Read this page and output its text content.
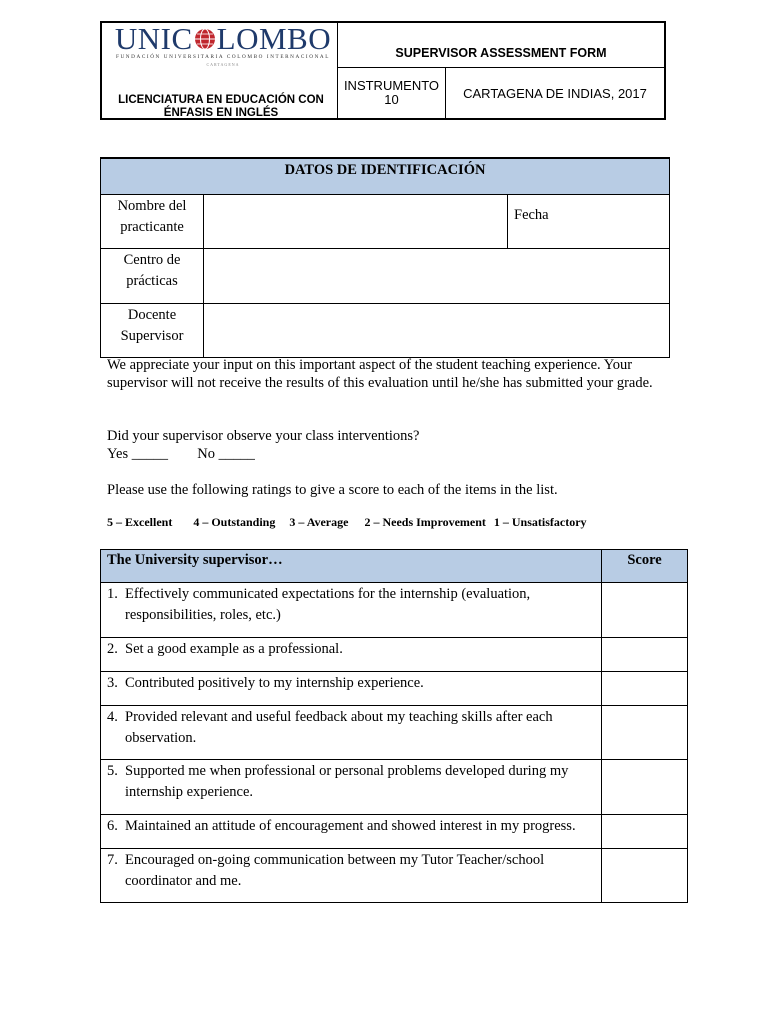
UNIC LOMBO
FUNDACIÓN UNIVERSITARIA COLOMBO INTERNACIONAL
CARTAGENA
LICENCIATURA EN EDUCACIÓN CON ÉNFASIS EN INGLÉS
SUPERVISOR ASSESSMENT FORM
INSTRUMENTO
10	CARTAGENA DE INDIAS, 2017
DATOS DE IDENTIFICACIÓN		
Nombre del practicante		Fecha
Centro de prácticas		
Docente Supervisor		
We appreciate your input on this important aspect of the student teaching experience. Your supervisor will not receive the results of this evaluation until he/she has submitted your grade.
Did your supervisor observe your class interventions?
Yes _____ No _____
Please use the following ratings to give a score to each of the items in the list.
5 – Excellent 4 – Outstanding 3 – Average 2 – Needs Improvement 1 – Unsatisfactory
The University supervisor…	Score

1. Effectively communicated expectations for the internship (evaluation, responsibilities, roles, etc.)	

2. Set a good example as a professional.	

3. Contributed positively to my internship experience.	

4. Provided relevant and useful feedback about my teaching skills after each observation.	

5. Supported me when professional or personal problems developed during my internship experience.	

6. Maintained an attitude of encouragement and showed interest in my progress.	

7. Encouraged on-going communication between my Tutor Teacher/school coordinator and me.	
